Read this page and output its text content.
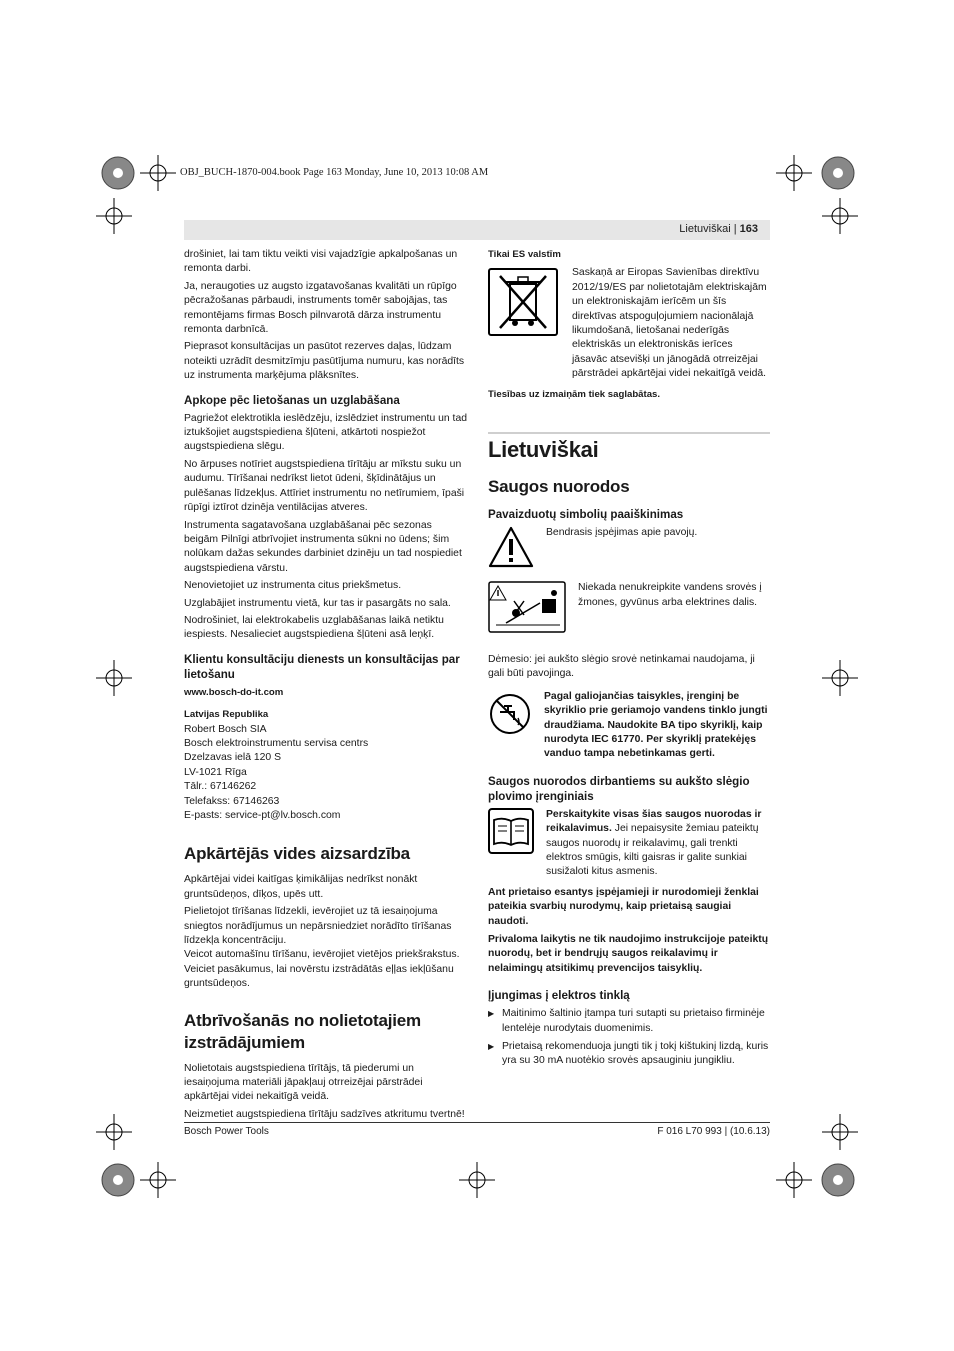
OBJ_BUCH-1870-004.book Page 163 Monday, June 10, 2013 10:08 AM
Lietuviškai | 163
drošiniet, lai tam tiktu veikti visi vajadzīgie apkalpošanas un remonta darbi.
Ja, neraugoties uz augsto izgatavošanas kvalitāti un rūpīgo pēcražošanas pārbaudi, instruments tomēr sabojājas, tas remontējams firmas Bosch pilnvarotā dārza instrumentu remonta darbnīcā.
Pieprasot konsultācijas un pasūtot rezerves daļas, lūdzam noteikti uzrādīt desmitzīmju pasūtījuma numuru, kas norādīts uz instrumenta marķējuma plāksnītes.
Apkope pēc lietošanas un uzglabāšana
Pagriežot elektrotikla ieslēdzēju, izslēdziet instrumentu un tad iztukšojiet augstspiediena šļūteni, atkārtoti nospiežot augstspiediena slēgu.
No ārpuses notīriet augstspiediena tīrītāju ar mīkstu suku un audumu. Tīrīšanai nedrīkst lietot ūdeni, šķīdinātājus un pulēšanas līdzekļus. Attīriet instrumentu no netīrumiem, īpaši rūpīgi iztīrot dzinēja ventilācijas atveres.
Instrumenta sagatavošana uzglabāšanai pēc sezonas beigām Pilnīgi atbrīvojiet instrumenta sūkni no ūdens; šim nolūkam dažas sekundes darbiniet dzinēju un tad nospiediet augstspiediena vārstu.
Nenovietojiet uz instrumenta citus priekšmetus.
Uzglabājiet instrumentu vietā, kur tas ir pasargāts no sala.
Nodrošiniet, lai elektrokabelis uzglabāšanas laikā netiktu iespiests. Nesalieciet augstspiediena šļūteni asā leņķī.
Klientu konsultāciju dienests un konsultācijas par lietošanu
www.bosch-do-it.com
Latvijas Republika
Robert Bosch SIA
Bosch elektroinstrumentu servisa centrs
Dzelzavas ielā 120 S
LV-1021 Rīga
Tālr.: 67146262
Telefakss: 67146263
E-pasts: service-pt@lv.bosch.com
Apkārtējās vides aizsardzība
Apkārtējai videi kaitīgas ķimikālijas nedrīkst nonākt gruntsūdeņos, dīķos, upēs utt.
Pielietojot tīrīšanas līdzekli, ievērojiet uz tā iesaiņojuma sniegtos norādījumus un nepārsniedziet norādīto tīrīšanas līdzekļa koncentrāciju.
Veicot automašīnu tīrīšanu, ievērojiet vietējos priekšrakstus. Veiciet pasākumus, lai novērstu izstrādātās eļļas iekļūšanu gruntsūdeņos.
Atbrīvošanās no nolietotajiem izstrādājumiem
Nolietotais augstspiediena tīrītājs, tā piederumi un iesaiņojuma materiāli jāpakļauj otrreizējai pārstrādei apkārtējai videi nekaitīgā veidā.
Neizmetiet augstspiediena tīrītāju sadzīves atkritumu tvertnē!
Tikai ES valstīm
Saskaņā ar Eiropas Savienības direktīvu 2012/19/ES par nolietotajām elektriskajām un elektroniskajām ierīcēm un šīs direktīvas atspoguļojumiem nacionālajā likumdošanā, lietošanai nederīgās elektriskās un elektroniskās ierīces jāsavāc atsevišķi un jānogādā otrreizējai pārstrādei apkārtējai videi nekaitīgā veidā.
Tiesības uz izmaiņām tiek saglabātas.
Lietuviškai
Saugos nuorodos
Pavaizduotų simbolių paaiškinimas
Bendrasis įspėjimas apie pavojų.
Niekada nenukreipkite vandens srovės į žmones, gyvūnus arba elektrines dalis.
Dėmesio: jei aukšto slėgio srovė netinkamai naudojama, ji gali būti pavojinga.
Pagal galiojančias taisykles, įrenginį be skyriklio prie geriamojo vandens tinklo jungti draudžiama. Naudokite BA tipo skyriklį, kaip nurodyta IEC 61770. Per skyriklį pratekėjęs vanduo tampa nebetinkamas gerti.
Saugos nuorodos dirbantiems su aukšto slėgio plovimo įrenginiais
Perskaitykite visas šias saugos nuorodas ir reikalavimus. Jei nepaisysite žemiau pateiktų saugos nuorodų ir reikalavimų, gali trenkti elektros smūgis, kilti gaisras ir galite sunkiai susižaloti kitus asmenis.
Ant prietaiso esantys įspėjamieji ir nurodomieji ženklai pateikia svarbių nurodymų, kaip prietaisą saugiai naudoti.
Privaloma laikytis ne tik naudojimo instrukcijoje pateiktų nuorodų, bet ir bendrųjų saugos reikalavimų ir nelaimingų atsitikimų prevencijos taisyklių.
Įjungimas į elektros tinklą
▶ Maitinimo šaltinio įtampa turi sutapti su prietaiso firminėje lentelėje nurodytais duomenimis.
▶ Prietaisą rekomenduoja jungti tik į tokį kištukinį lizdą, kuris yra su 30 mA nuotėkio srovės apsauginiu jungikliu.
Bosch Power Tools	F 016 L70 993 | (10.6.13)
